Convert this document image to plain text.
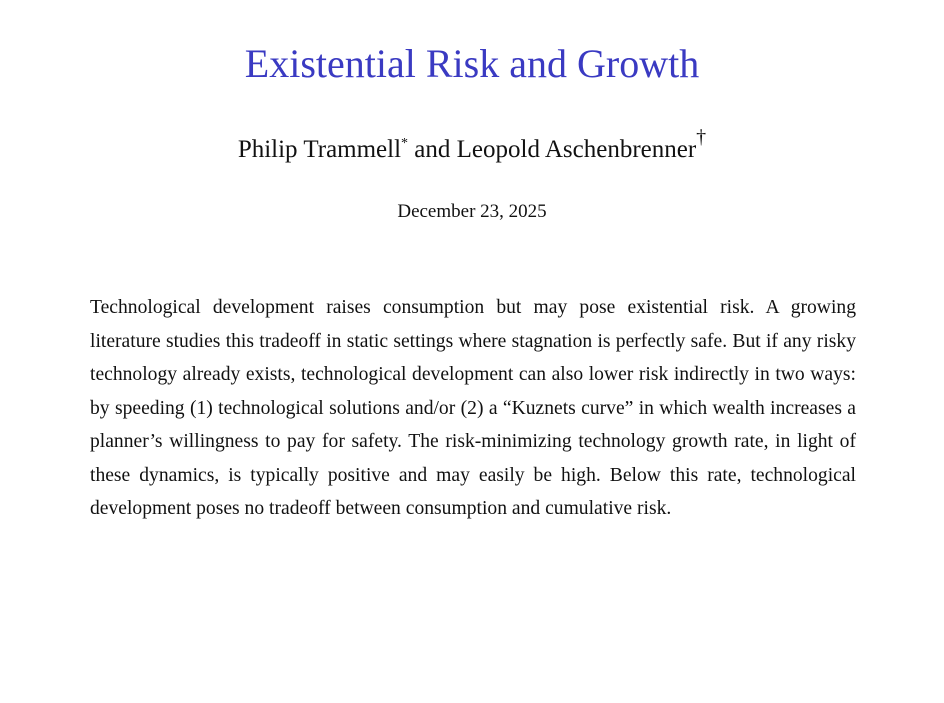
Existential Risk and Growth
Philip Trammell* and Leopold Aschenbrenner†
December 23, 2025

Technological development raises consumption but may pose existential risk. A growing literature studies this tradeoff in static settings where stagnation is perfectly safe. But if any risky technology already exists, technological development can also lower risk indirectly in two ways: by speeding (1) technological solutions and/or (2) a “Kuznets curve” in which wealth increases a planner’s willingness to pay for safety. The risk-minimizing technology growth rate, in light of these dynamics, is typically positive and may easily be high. Below this rate, technological development poses no tradeoff between consumption and cumulative risk.
